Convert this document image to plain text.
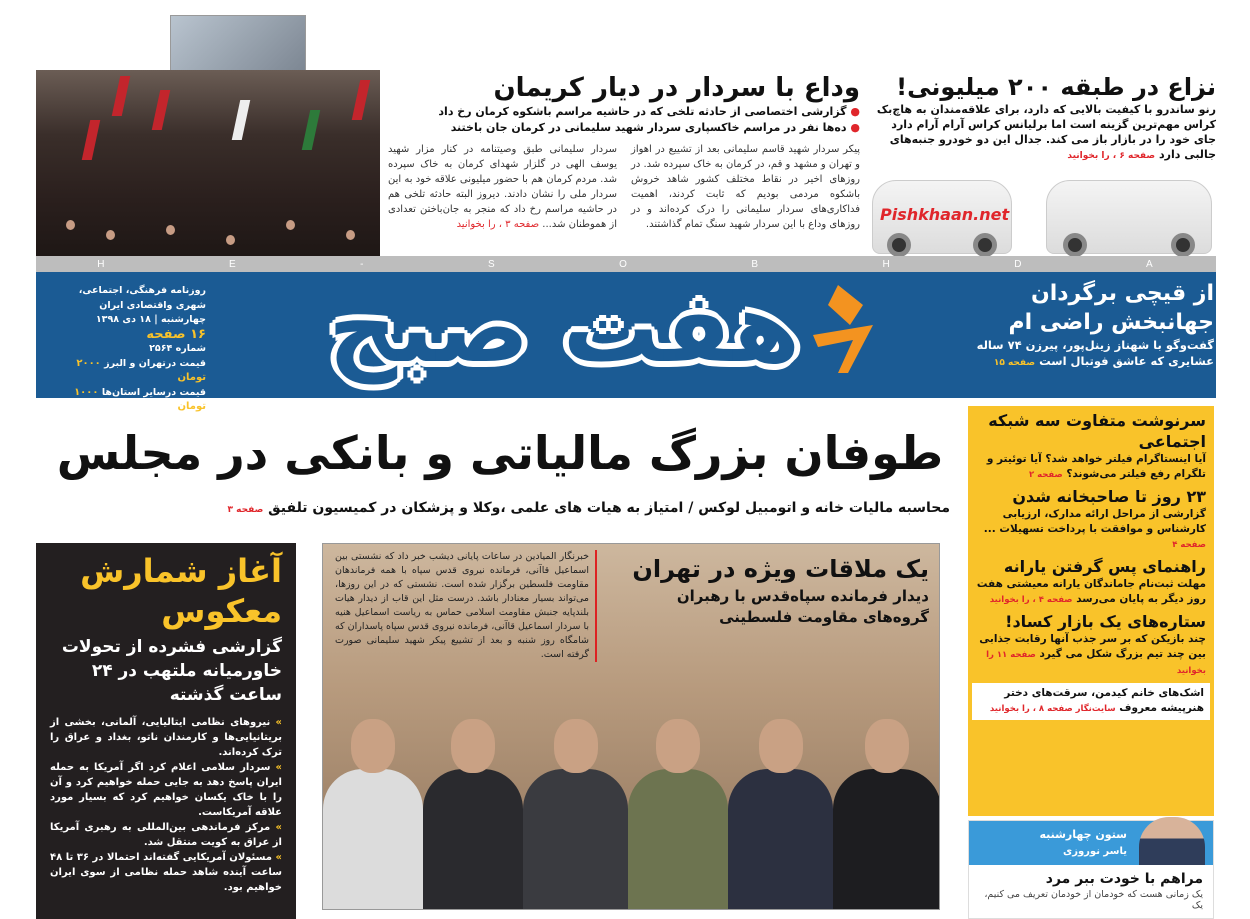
وداع با سردار در دیار کریمان
● گزارشی اختصاصی از حادثه تلخی که در حاشیه مراسم باشکوه کرمان رخ داد
● ده‌ها نفر در مراسم خاکسپاری سردار شهید سلیمانی در کرمان جان باختند

پیکر سردار شهید قاسم سلیمانی بعد از تشییع در اهواز و تهران و مشهد و قم، در کرمان به خاک سپرده شد. در روزهای اخیر در نقاط مختلف کشور شاهد خروش باشکوه مردمی بودیم که ثابت کردند، اهمیت فداکاری‌های سردار سلیمانی را درک کرده‌اند و در روزهای وداع با این سردار شهید سنگ تمام گذاشتند.

سردار سلیمانی طبق وصیتنامه در کنار مزار شهید یوسف الهی در گلزار شهدای کرمان به خاک سپرده شد. مردم کرمان هم با حضور میلیونی علاقه خود به این سردار ملی را نشان دادند. دیروز البته حادثه تلخی هم در حاشیه مراسم رخ داد که منجر به جان‌باختن تعدادی از هموطنان شد... صفحه ۳ ، را بخوانید

نزاع در طبقه ۲۰۰ میلیونی!

رنو ساندرو با کیفیت بالایی که دارد، برای علاقه‌مندان به هاچ‌بک کراس مهم‌ترین گزینه است اما برلیانس کراس آرام آرام دارد جای خود را در بازار باز می کند. جدال این دو خودرو جنبه‌های جالبی دارد صفحه ۶ ، را بخوانید

Pishkhaan.net
H	E	-	S	O	B	H	D	A
روزنامه فرهنگی، اجتماعی،
شهری واقتصادی ایران
چهارشنبه | ۱۸ دی ۱۳۹۸
۱۶ صفحه
شماره ۲۵۶۴
قیمت درتهران و البرز ۲۰۰۰ تومان
قیمت درسایر استان‌ها ۱۰۰۰ تومان
هفت صبح	از قیچی برگردان
جهانبخش راضی ام

گفت‌وگو با شهناز زینل‌پور، پیرزن ۷۴ ساله عشایری که عاشق فوتبال است صفحه ۱۵

طوفان بزرگ مالیاتی و بانکی در مجلس
محاسبه مالیات خانه و اتومبیل لوکس / امتیاز به هیات های علمی ،وکلا و پزشکان در کمیسیون تلفیق صفحه ۳
سرنوشت متفاوت سه شبکه اجتماعی

آیا اینستاگرام فیلتر خواهد شد؟ آیا توئیتر و تلگرام رفع فیلتر می‌شوند؟ صفحه ۲

۲۳ روز تا صاحبخانه شدن

گزارشی از مراحل ارائه مدارک، ارزیابی کارشناس و موافقت با پرداخت تسهیلات ... صفحه ۴

راهنمای پس گرفتن یارانه

مهلت ثبت‌نام جاماندگان یارانه معیشتی هفت روز دیگر به پایان می‌رسد صفحه ۴ ، را بخوانید

ستاره‌های یک بازار کساد!

چند بازیکن که بر سر جذب آنها رقابت جذابی بین چند تیم بزرگ شکل می گیرد صفحه ۱۱ را بخوانید

اشک‌های خانم کیدمن، سرقت‌های دختر هنرپیشه معروف سایت‌نگار صفحه ۸ ، را بخوانید

ستون چهارشنبه
یاسر نوروزی
مراهم با خودت ببر مرد

یک زمانی هست که خودمان از خودمان تعریف می کنیم، یک

آغاز شمارش معکوس
گزارشی فشرده از تحولات خاورمیانه ملتهب در ۲۴ ساعت گذشته
» نیروهای نظامی ایتالیایی، آلمانی، بخشی از بریتانیایی‌ها و کارمندان ناتو، بغداد و عراق را ترک کرده‌اند.
» سردار سلامی اعلام کرد اگر آمریکا به حمله ایران پاسخ دهد به جایی حمله خواهیم کرد و آن را با خاک یکسان خواهیم کرد که بسیار مورد علاقه آمریکاست.
» مرکز فرماندهی بین‌المللی به رهبری آمریکا از عراق به کویت منتقل شد.
» مسئولان آمریکایی گفته‌اند احتمالا در ۳۶ تا ۴۸ ساعت آینده شاهد حمله نظامی از سوی ایران خواهیم بود.
خبرنگار المیادین در ساعات پایانی دیشب خبر داد که نشستی بین اسماعیل قاآنی، فرمانده نیروی قدس سپاه با همه فرماندهان مقاومت فلسطین برگزار شده است. نشستی که در این روزها، می‌تواند بسیار معنادار باشد. درست مثل این قاب از دیدار هیات بلندپایه جنبش مقاومت اسلامی حماس به ریاست اسماعیل هنیه با سردار اسماعیل قاآنی، فرمانده نیروی قدس سپاه پاسداران که شامگاه روز شنبه و بعد از تشییع پیکر شهید سلیمانی صورت گرفته است.
یک ملاقات ویژه در تهران

دیدار فرمانده سپاه‌قدس با رهبران گروه‌های مقاومت فلسطینی
